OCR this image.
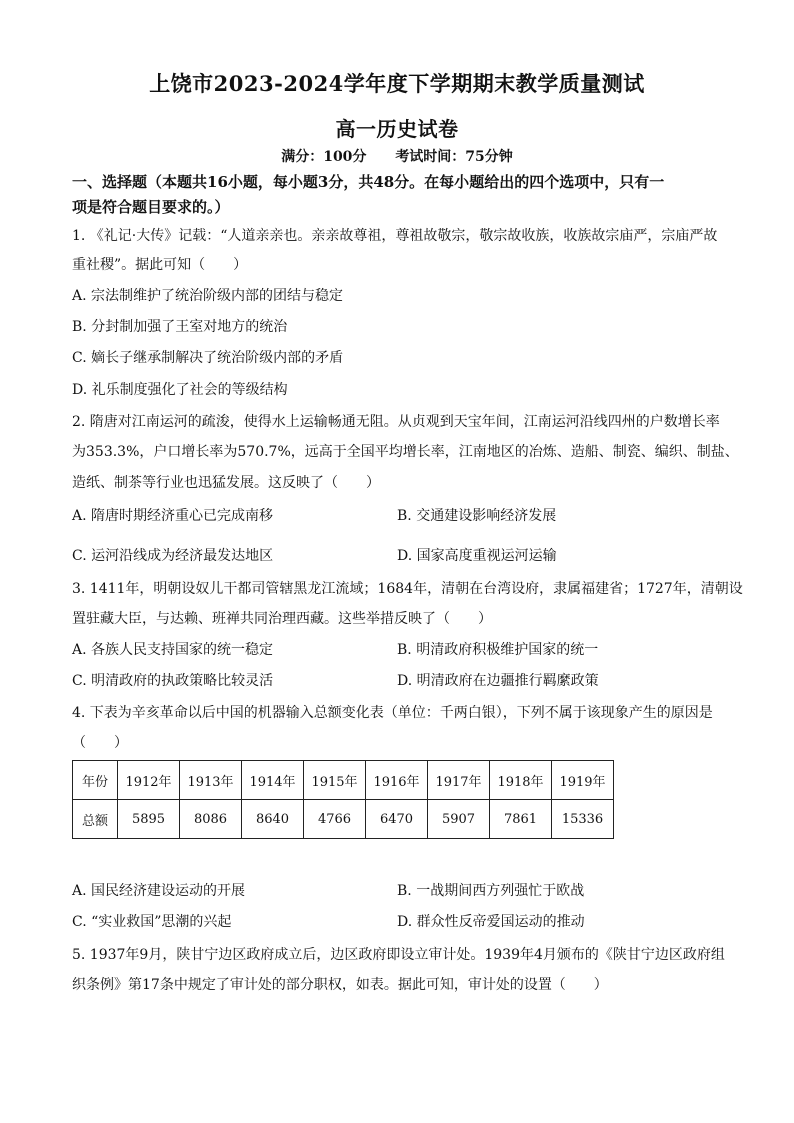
上饶市2023-2024学年度下学期期末教学质量测试
高一历史试卷
满分：100分 考试时间：75分钟
一、选择题（本题共16小题，每小题3分，共48分。在每小题给出的四个选项中，只有一
项是符合题目要求的。）
1. 《礼记·大传》记载：“人道亲亲也。亲亲故尊祖，尊祖故敬宗，敬宗故收族，收族故宗庙严，宗庙严故
重社稷”。据此可知（　　）
A. 宗法制维护了统治阶级内部的团结与稳定
B. 分封制加强了王室对地方的统治
C. 嫡长子继承制解决了统治阶级内部的矛盾
D. 礼乐制度强化了社会的等级结构
2. 隋唐对江南运河的疏浚，使得水上运输畅通无阻。从贞观到天宝年间，江南运河沿线四州的户数增长率
为353.3%，户口增长率为570.7%，远高于全国平均增长率，江南地区的冶炼、造船、制瓷、编织、制盐、
造纸、制茶等行业也迅猛发展。这反映了（　　）
A. 隋唐时期经济重心已完成南移	B. 交通建设影响经济发展
C. 运河沿线成为经济最发达地区	D. 国家高度重视运河运输
3. 1411年，明朝设奴儿干都司管辖黑龙江流域；1684年，清朝在台湾设府，隶属福建省；1727年，清朝设
置驻藏大臣，与达赖、班禅共同治理西藏。这些举措反映了（　　）
A. 各族人民支持国家的统一稳定	B. 明清政府积极维护国家的统一
C. 明清政府的执政策略比较灵活	D. 明清政府在边疆推行羁縻政策
4. 下表为辛亥革命以后中国的机器输入总额变化表（单位：千两白银），下列不属于该现象产生的原因是
（　　）
年份	1912年	1913年	1914年	1915年	1916年	1917年	1918年	1919年
总额	5895	8086	8640	4766	6470	5907	7861	15336
A. 国民经济建设运动的开展	B. 一战期间西方列强忙于欧战
C. “实业救国”思潮的兴起	D. 群众性反帝爱国运动的推动
5. 1937年9月，陕甘宁边区政府成立后，边区政府即设立审计处。1939年4月颁布的《陕甘宁边区政府组
织条例》第17条中规定了审计处的部分职权，如表。据此可知，审计处的设置（　　）
